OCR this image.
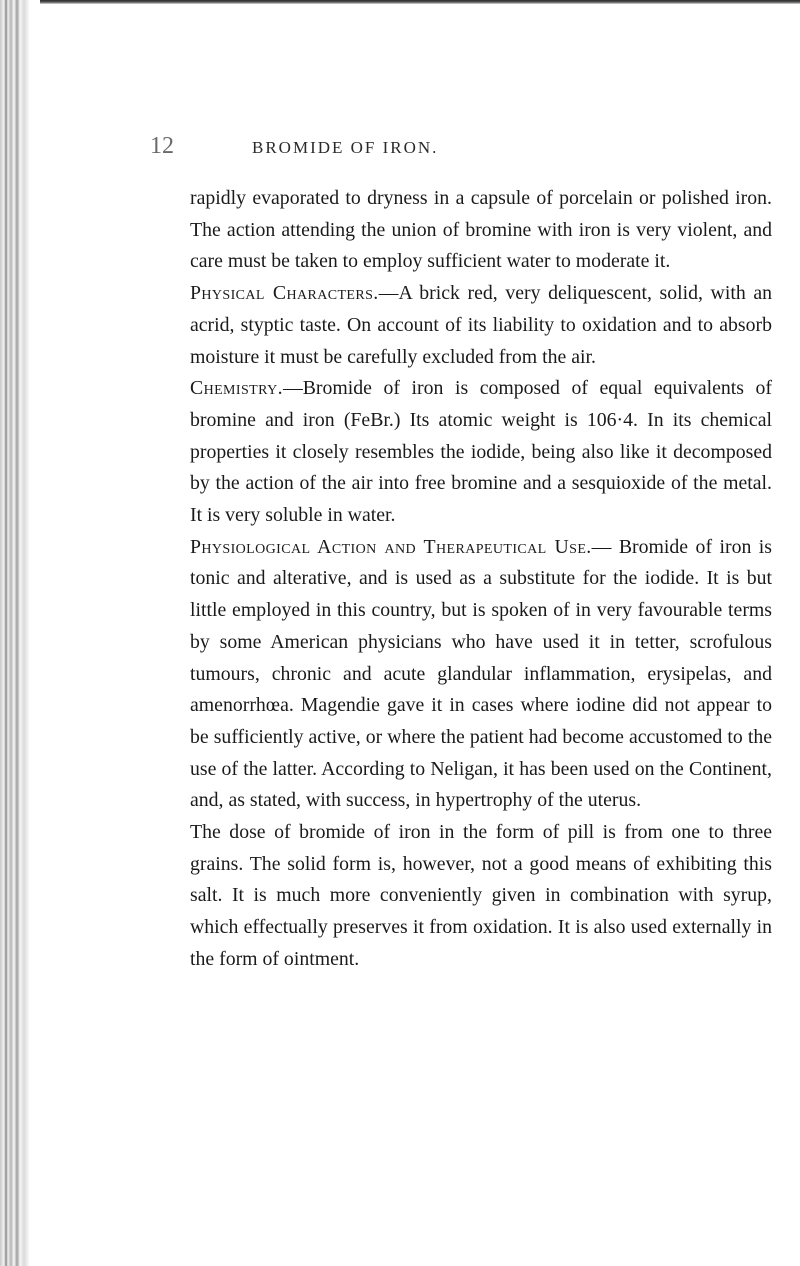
12	BROMIDE OF IRON.

rapidly evaporated to dryness in a capsule of porcelain or polished iron. The action attending the union of bromine with iron is very violent, and care must be taken to employ sufficient water to moderate it.

Physical Characters.—A brick red, very deliquescent, solid, with an acrid, styptic taste. On account of its liability to oxidation and to absorb moisture it must be carefully excluded from the air.

Chemistry.—Bromide of iron is composed of equal equivalents of bromine and iron (FeBr.) Its atomic weight is 106·4. In its chemical properties it closely resembles the iodide, being also like it decomposed by the action of the air into free bromine and a sesquioxide of the metal. It is very soluble in water.

Physiological Action and Therapeutical Use.— Bromide of iron is tonic and alterative, and is used as a substitute for the iodide. It is but little employed in this country, but is spoken of in very favourable terms by some American physicians who have used it in tetter, scrofulous tumours, chronic and acute glandular inflammation, erysipelas, and amenorrhœa. Magendie gave it in cases where iodine did not appear to be sufficiently active, or where the patient had become accustomed to the use of the latter. According to Neligan, it has been used on the Continent, and, as stated, with success, in hypertrophy of the uterus.

The dose of bromide of iron in the form of pill is from one to three grains. The solid form is, however, not a good means of exhibiting this salt. It is much more conveniently given in combination with syrup, which effectually preserves it from oxidation. It is also used externally in the form of ointment.
